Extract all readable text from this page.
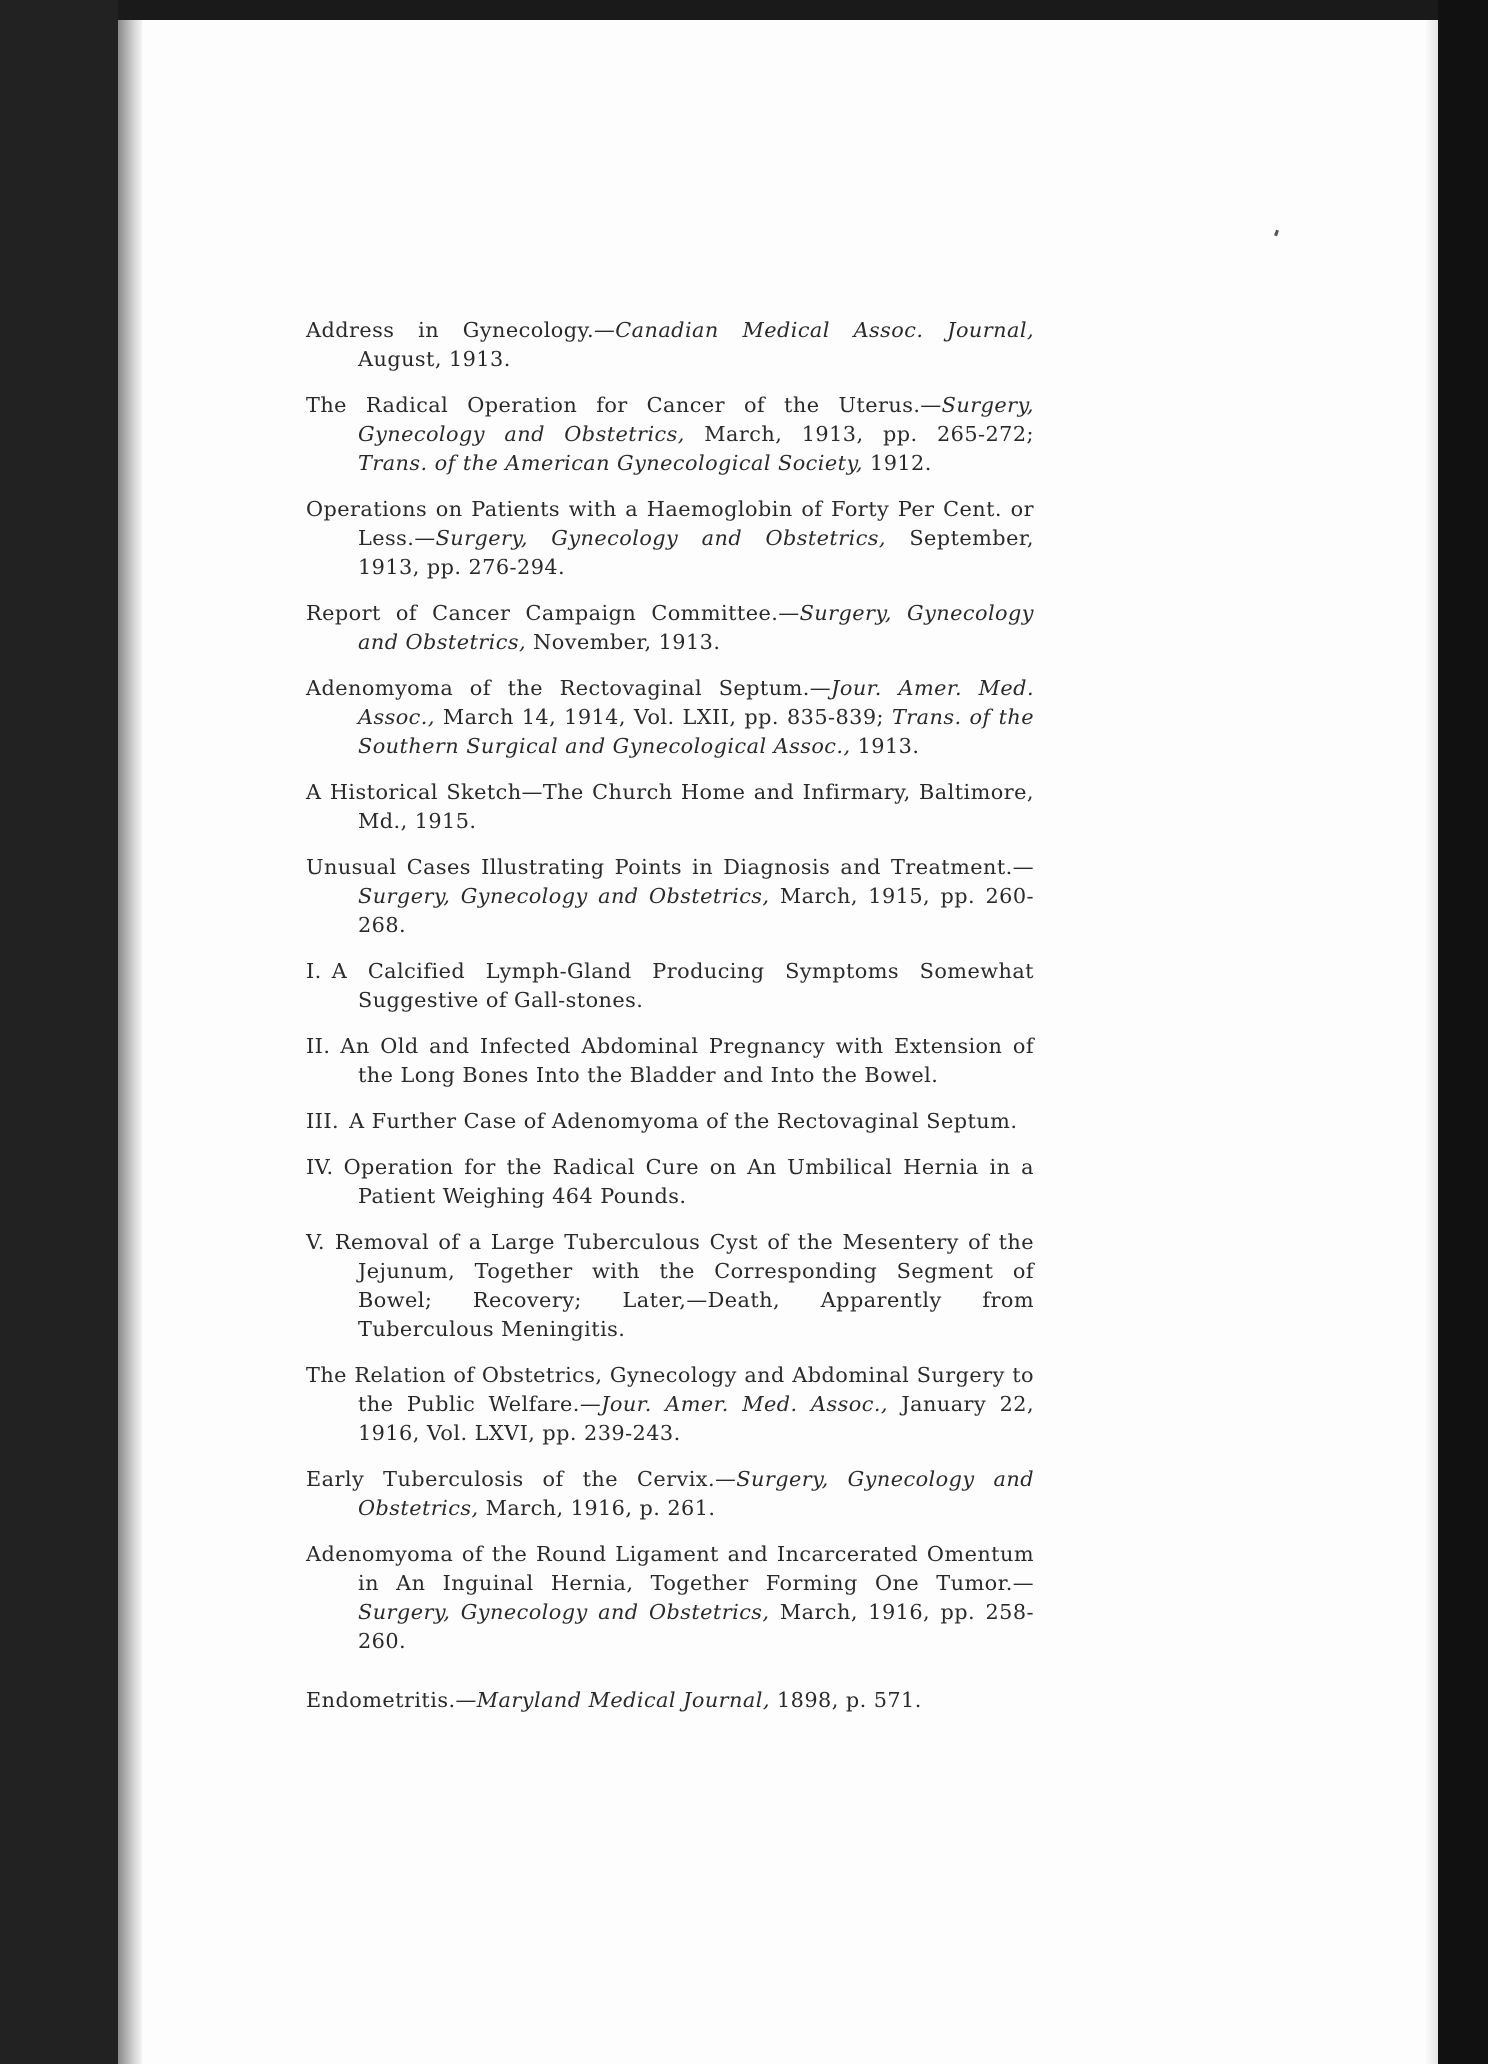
Address in Gynecology.—Canadian Medical Assoc. Journal, August, 1913.

The Radical Operation for Cancer of the Uterus.—Surgery, Gynecology and Obstetrics, March, 1913, pp. 265-272; Trans. of the American Gynecological Society, 1912.

Operations on Patients with a Haemoglobin of Forty Per Cent. or Less.—Surgery, Gynecology and Obstetrics, September, 1913, pp. 276-294.

Report of Cancer Campaign Committee.—Surgery, Gynecology and Obstetrics, November, 1913.

Adenomyoma of the Rectovaginal Septum.—Jour. Amer. Med. Assoc., March 14, 1914, Vol. LXII, pp. 835-839; Trans. of the Southern Surgical and Gynecological Assoc., 1913.

A Historical Sketch—The Church Home and Infirmary, Baltimore, Md., 1915.

Unusual Cases Illustrating Points in Diagnosis and Treatment.—Surgery, Gynecology and Obstetrics, March, 1915, pp. 260-268.

I. A Calcified Lymph-Gland Producing Symptoms Somewhat Suggestive of Gall-stones.

II. An Old and Infected Abdominal Pregnancy with Extension of the Long Bones Into the Bladder and Into the Bowel.

III. A Further Case of Adenomyoma of the Rectovaginal Septum.

IV. Operation for the Radical Cure on An Umbilical Hernia in a Patient Weighing 464 Pounds.

V. Removal of a Large Tuberculous Cyst of the Mesentery of the Jejunum, Together with the Corresponding Segment of Bowel; Recovery; Later,—Death, Apparently from Tuberculous Meningitis.

The Relation of Obstetrics, Gynecology and Abdominal Surgery to the Public Welfare.—Jour. Amer. Med. Assoc., January 22, 1916, Vol. LXVI, pp. 239-243.

Early Tuberculosis of the Cervix.—Surgery, Gynecology and Obstetrics, March, 1916, p. 261.

Adenomyoma of the Round Ligament and Incarcerated Omentum in An Inguinal Hernia, Together Forming One Tumor.—Surgery, Gynecology and Obstetrics, March, 1916, pp. 258-260.

Endometritis.—Maryland Medical Journal, 1898, p. 571.
